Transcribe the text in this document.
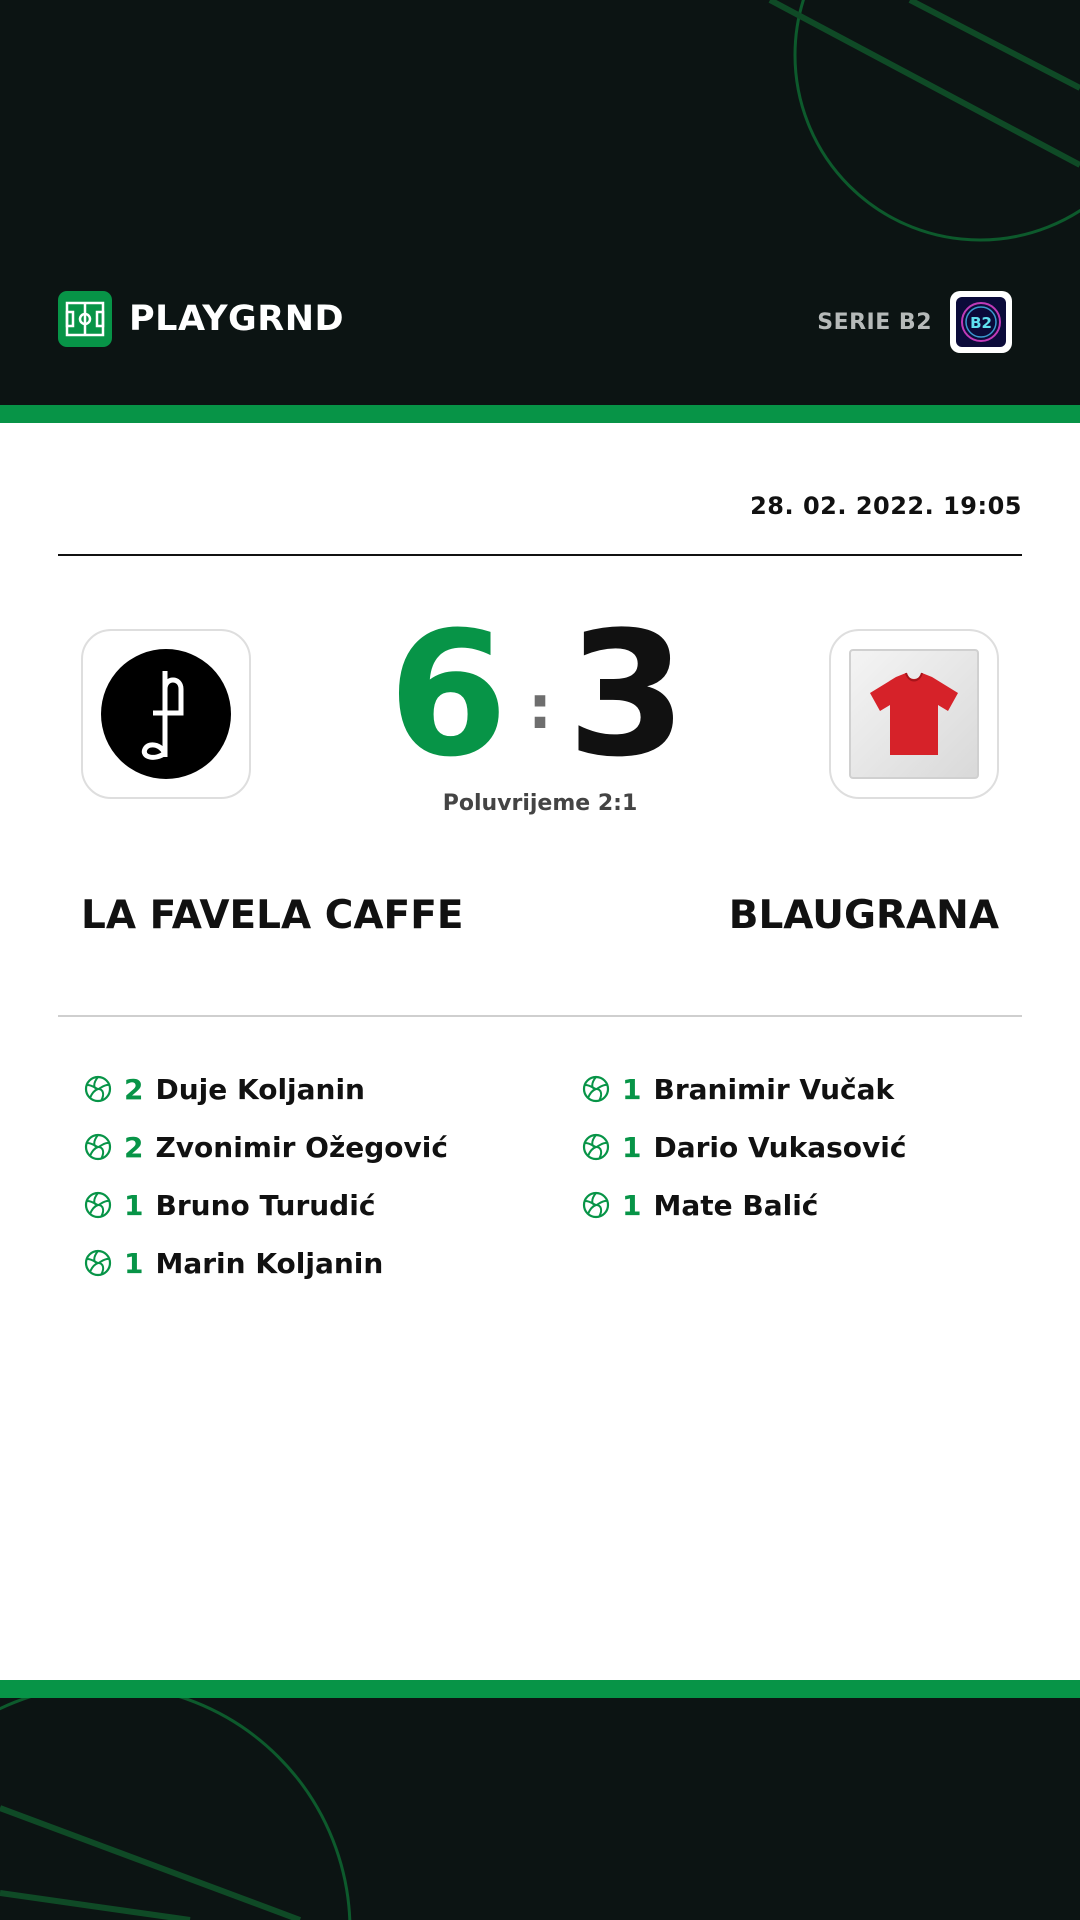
PLAYGRND	SERIE B2	B2
28. 02. 2022. 19:05
6 : 3
Poluvrijeme 2:1
LA FAVELA CAFFE	BLAUGRANA
2 Duje Koljanin
2 Zvonimir Ožegović
1 Bruno Turudić
1 Marin Koljanin
1 Branimir Vučak
1 Dario Vukasović
1 Mate Balić
